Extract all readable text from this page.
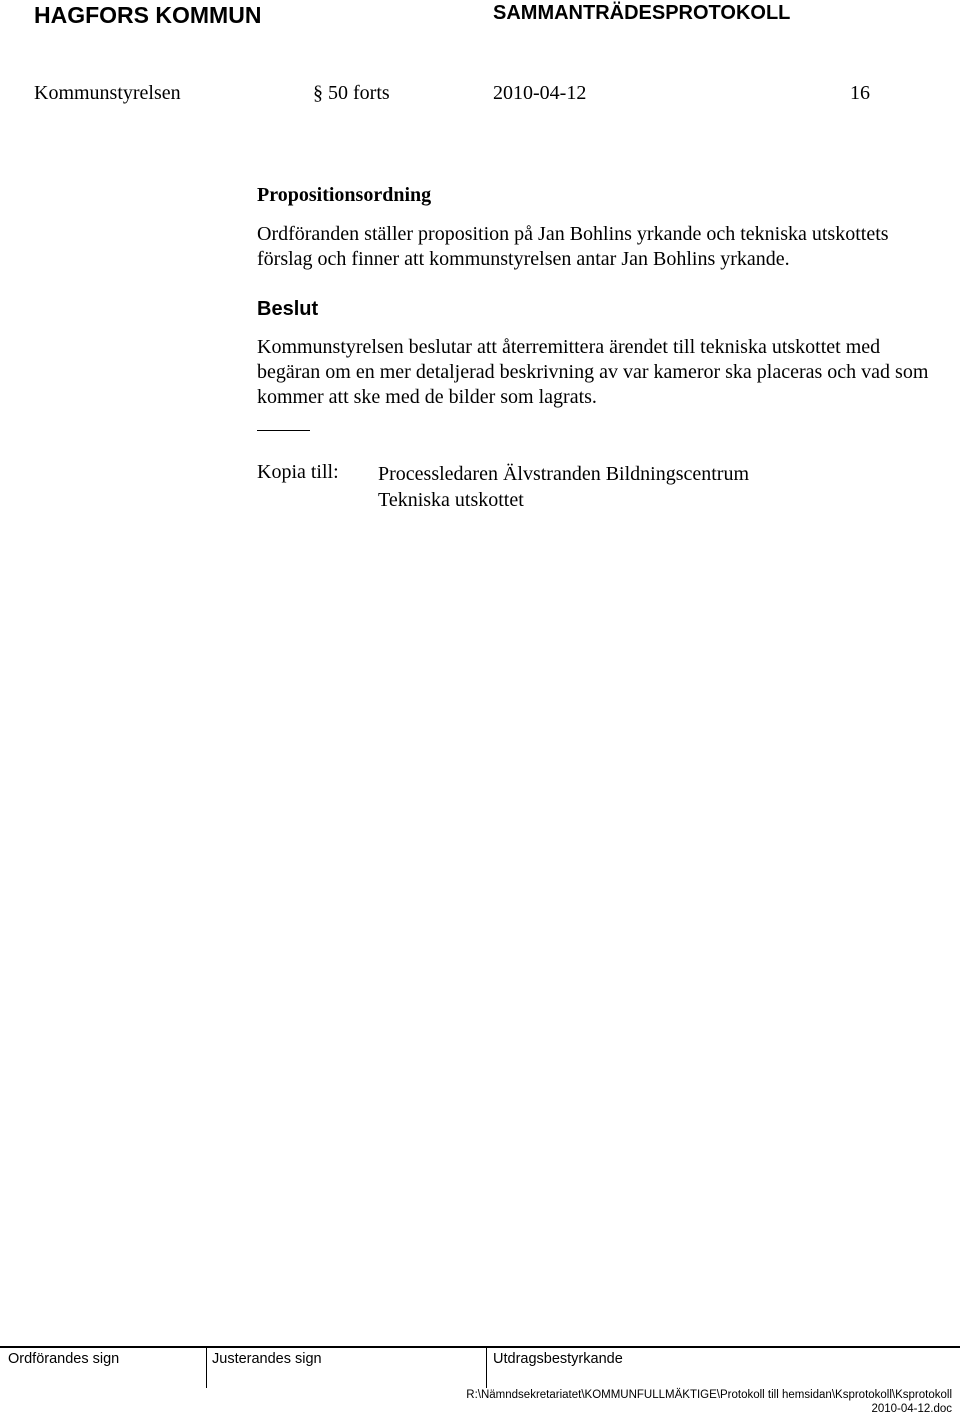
HAGFORS KOMMUN	SAMMANTRÄDESPROTOKOLL
Kommunstyrelsen	§ 50 forts	2010-04-12	16
Propositionsordning
Ordföranden ställer proposition på Jan Bohlins yrkande och tekniska utskottets förslag och finner att kommunstyrelsen antar Jan Bohlins yrkande.
Beslut
Kommunstyrelsen beslutar att återremittera ärendet till tekniska utskottet med begäran om en mer detaljerad beskrivning av var kameror ska placeras och vad som kommer att ske med de bilder som lagrats.
Kopia till: Processledaren Älvstranden Bildningscentrum
Tekniska utskottet
Ordförandes sign	Justerandes sign	Utdragsbestyrkande
R:\Nämndsekretariatet\KOMMUNFULLMÄKTIGE\Protokoll till hemsidan\Ksprotokoll\Ksprotokoll
2010-04-12.doc
